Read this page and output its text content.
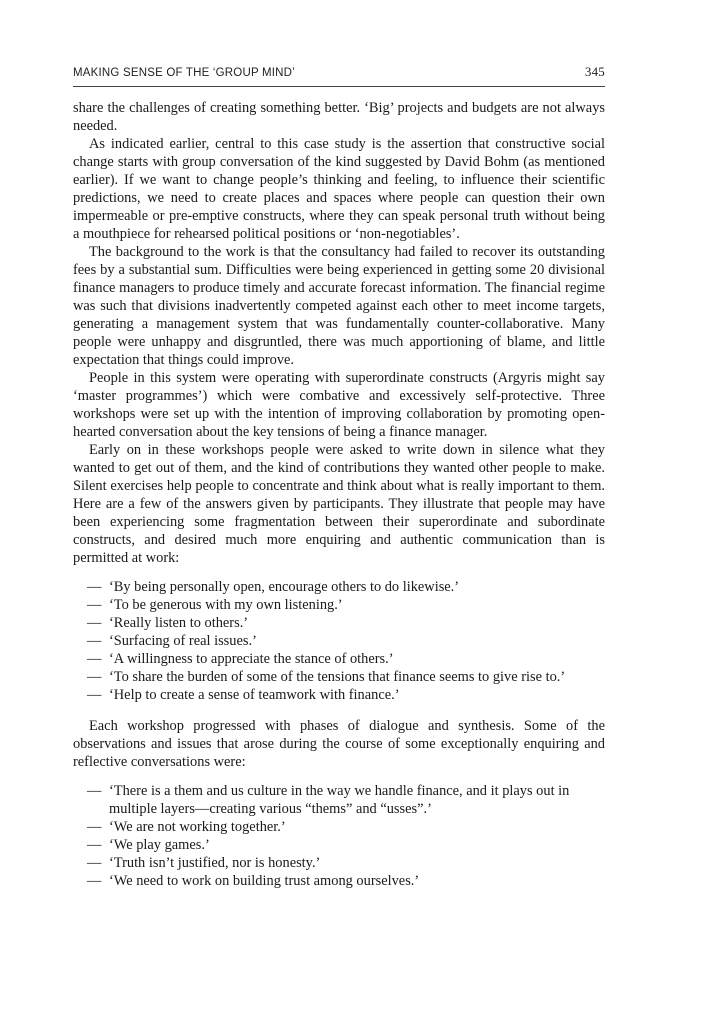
MAKING SENSE OF THE ‘GROUP MIND’	345

share the challenges of creating something better. ‘Big’ projects and budgets are not always needed.

As indicated earlier, central to this case study is the assertion that constructive social change starts with group conversation of the kind suggested by David Bohm (as mentioned earlier). If we want to change people’s thinking and feeling, to influence their scientific predictions, we need to create places and spaces where people can question their own impermeable or pre-emptive constructs, where they can speak personal truth without being a mouthpiece for rehearsed political positions or ‘non-negotiables’.

The background to the work is that the consultancy had failed to recover its outstanding fees by a substantial sum. Difficulties were being experienced in getting some 20 divisional finance managers to produce timely and accurate forecast information. The financial regime was such that divisions inadvertently competed against each other to meet income targets, generating a management system that was fundamentally counter-collaborative. Many people were unhappy and disgruntled, there was much apportioning of blame, and little expectation that things could improve.

People in this system were operating with superordinate constructs (Argyris might say ‘master programmes’) which were combative and excessively self-protective. Three workshops were set up with the intention of improving collaboration by promoting open-hearted conversation about the key tensions of being a finance manager.

Early on in these workshops people were asked to write down in silence what they wanted to get out of them, and the kind of contributions they wanted other people to make. Silent exercises help people to concentrate and think about what is really important to them. Here are a few of the answers given by participants. They illustrate that people may have been experiencing some fragmentation between their superordinate and subordinate constructs, and desired much more enquiring and authentic communication than is permitted at work:

— ‘By being personally open, encourage others to do likewise.’
— ‘To be generous with my own listening.’
— ‘Really listen to others.’
— ‘Surfacing of real issues.’
— ‘A willingness to appreciate the stance of others.’
— ‘To share the burden of some of the tensions that finance seems to give rise to.’
— ‘Help to create a sense of teamwork with finance.’

Each workshop progressed with phases of dialogue and synthesis. Some of the observations and issues that arose during the course of some exceptionally enquiring and reflective conversations were:

— ‘There is a them and us culture in the way we handle finance, and it plays out in multiple layers—creating various “thems” and “usses”.’
— ‘We are not working together.’
— ‘We play games.’
— ‘Truth isn’t justified, nor is honesty.’
— ‘We need to work on building trust among ourselves.’
